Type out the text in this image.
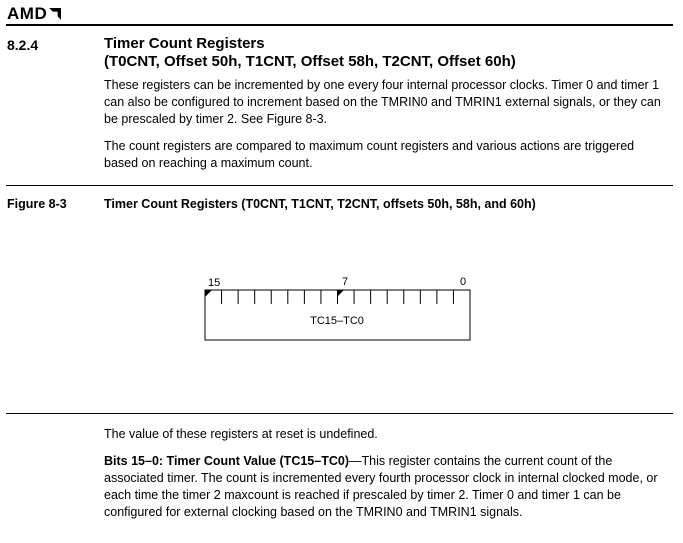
AMD
8.2.4	Timer Count Registers
(T0CNT, Offset 50h, T1CNT, Offset 58h, T2CNT, Offset 60h)
These registers can be incremented by one every four internal processor clocks. Timer 0 and timer 1 can also be configured to increment based on the TMRIN0 and TMRIN1 external signals, or they can be prescaled by timer 2. See Figure 8-3.
The count registers are compared to maximum count registers and various actions are triggered based on reaching a maximum count.
Figure 8-3	Timer Count Registers (T0CNT, T1CNT, T2CNT, offsets 50h, 58h, and 60h)
15	7	0
TC15–TC0
The value of these registers at reset is undefined.
Bits 15–0: Timer Count Value (TC15–TC0)—This register contains the current count of the associated timer. The count is incremented every fourth processor clock in internal clocked mode, or each time the timer 2 maxcount is reached if prescaled by timer 2. Timer 0 and timer 1 can be configured for external clocking based on the TMRIN0 and TMRIN1 signals.
